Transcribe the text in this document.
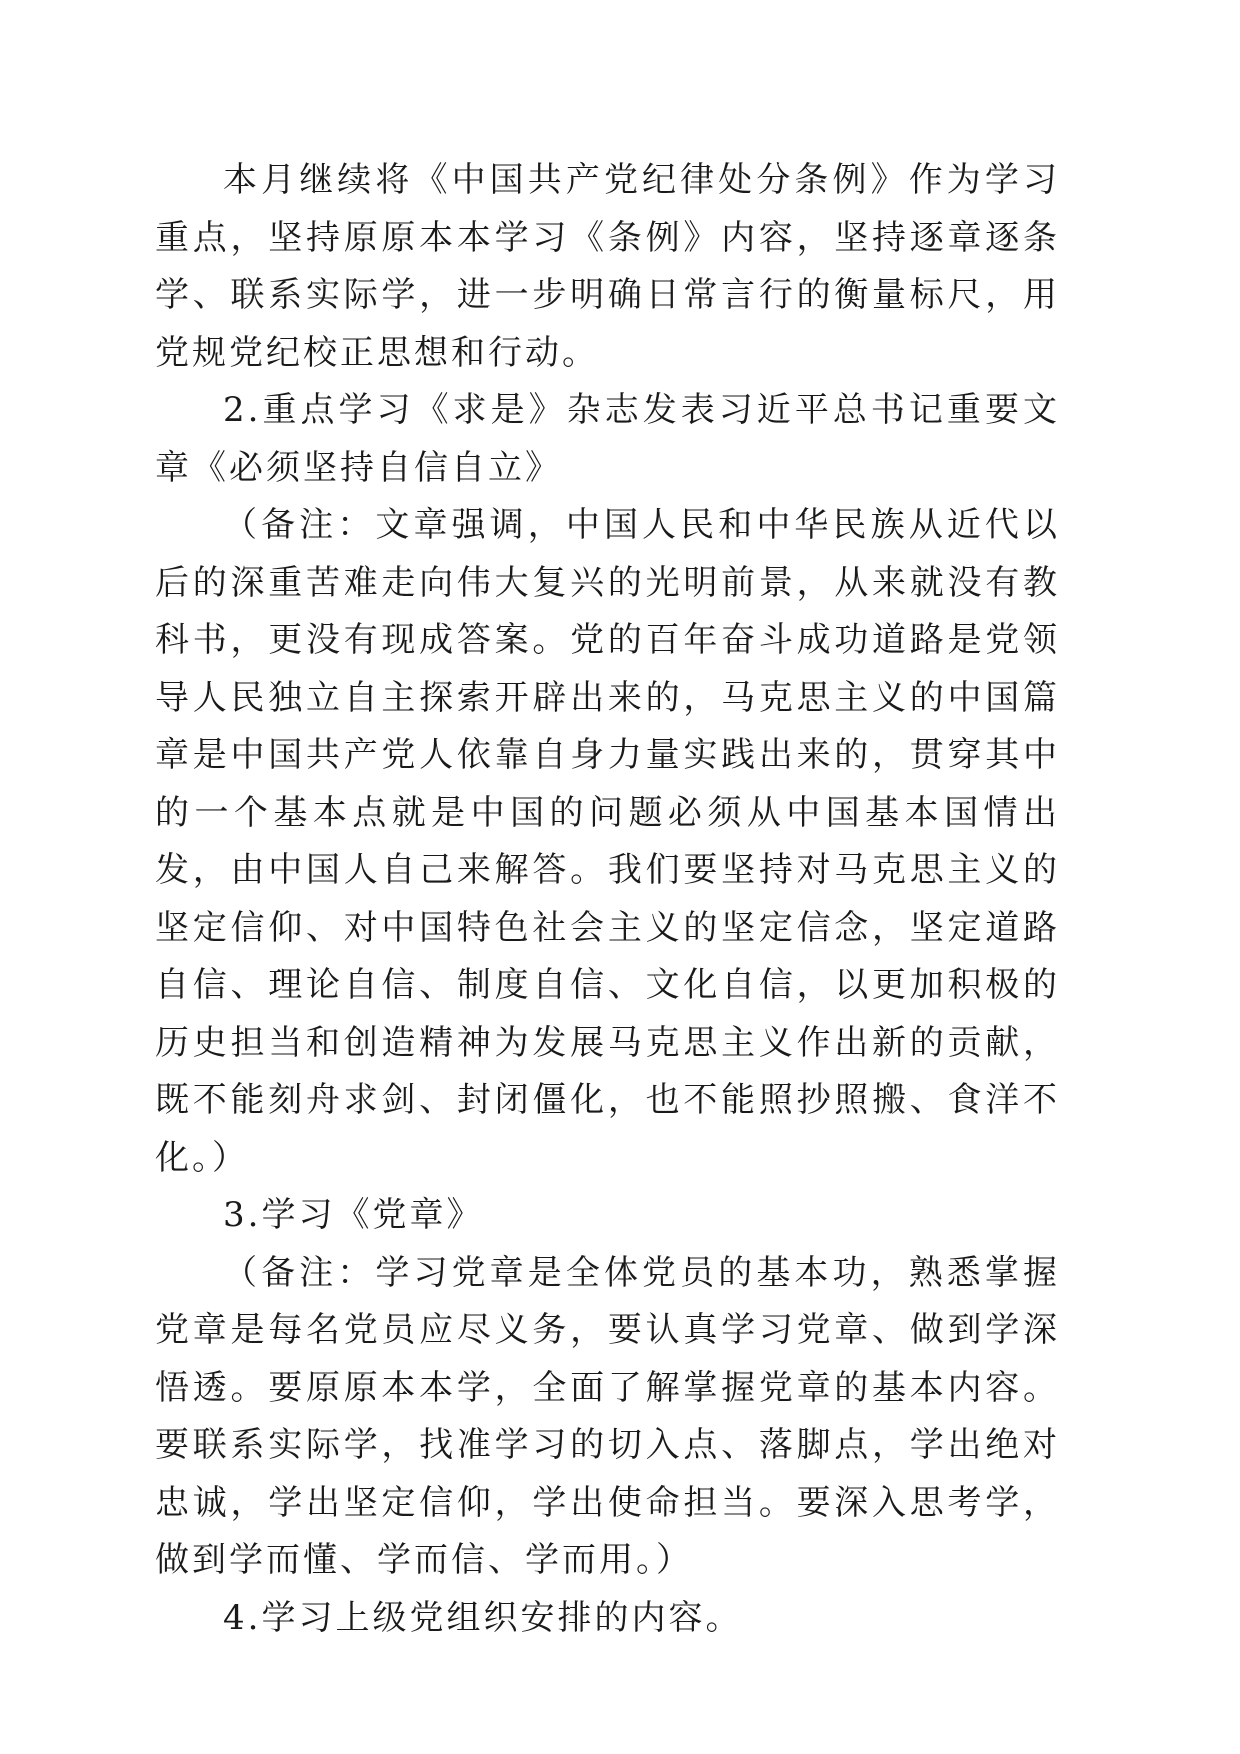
本月继续将《中国共产党纪律处分条例》作为学习重点，坚持原原本本学习《条例》内容，坚持逐章逐条学、联系实际学，进一步明确日常言行的衡量标尺，用党规党纪校正思想和行动。

2.重点学习《求是》杂志发表习近平总书记重要文章《必须坚持自信自立》

（备注：文章强调，中国人民和中华民族从近代以后的深重苦难走向伟大复兴的光明前景，从来就没有教科书，更没有现成答案。党的百年奋斗成功道路是党领导人民独立自主探索开辟出来的，马克思主义的中国篇章是中国共产党人依靠自身力量实践出来的，贯穿其中的一个基本点就是中国的问题必须从中国基本国情出发，由中国人自己来解答。我们要坚持对马克思主义的坚定信仰、对中国特色社会主义的坚定信念，坚定道路自信、理论自信、制度自信、文化自信，以更加积极的历史担当和创造精神为发展马克思主义作出新的贡献，既不能刻舟求剑、封闭僵化，也不能照抄照搬、食洋不化。）

3.学习《党章》

（备注：学习党章是全体党员的基本功，熟悉掌握党章是每名党员应尽义务，要认真学习党章、做到学深悟透。要原原本本学，全面了解掌握党章的基本内容。要联系实际学，找准学习的切入点、落脚点，学出绝对忠诚，学出坚定信仰，学出使命担当。要深入思考学，做到学而懂、学而信、学而用。）

4.学习上级党组织安排的内容。
